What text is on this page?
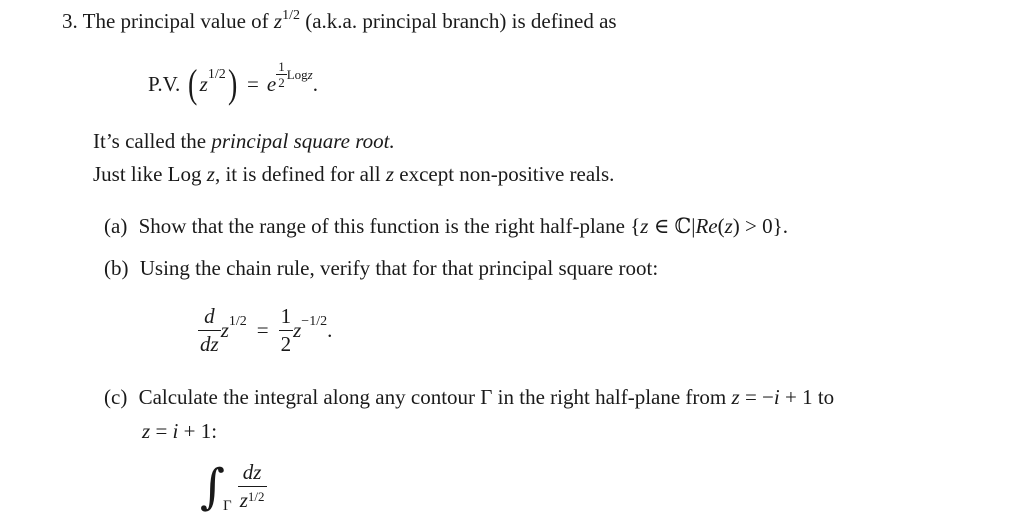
3. The principal value of $z^{1/2}$ (a.k.a. principal branch) is defined as
P.V. ( z 1/2 ) = e $\frac{1}{2}$ Log z .
It’s called the principal square root.
Just like Log z, it is defined for all z except non-positive reals.
(a) Show that the range of this function is the right half-plane {z ∈ ℂ|Re(z) > 0}.
(b) Using the chain rule, verify that for that principal square root:
$\frac{d}{dz}$ z $1/2 = \frac{1}{2}$ z −1/2 .
(c) Calculate the integral along any contour Γ in the right half-plane from z = −i + 1 to
z = i + 1:
∫
Γ $\frac{dz}{z^{1/2}}$
